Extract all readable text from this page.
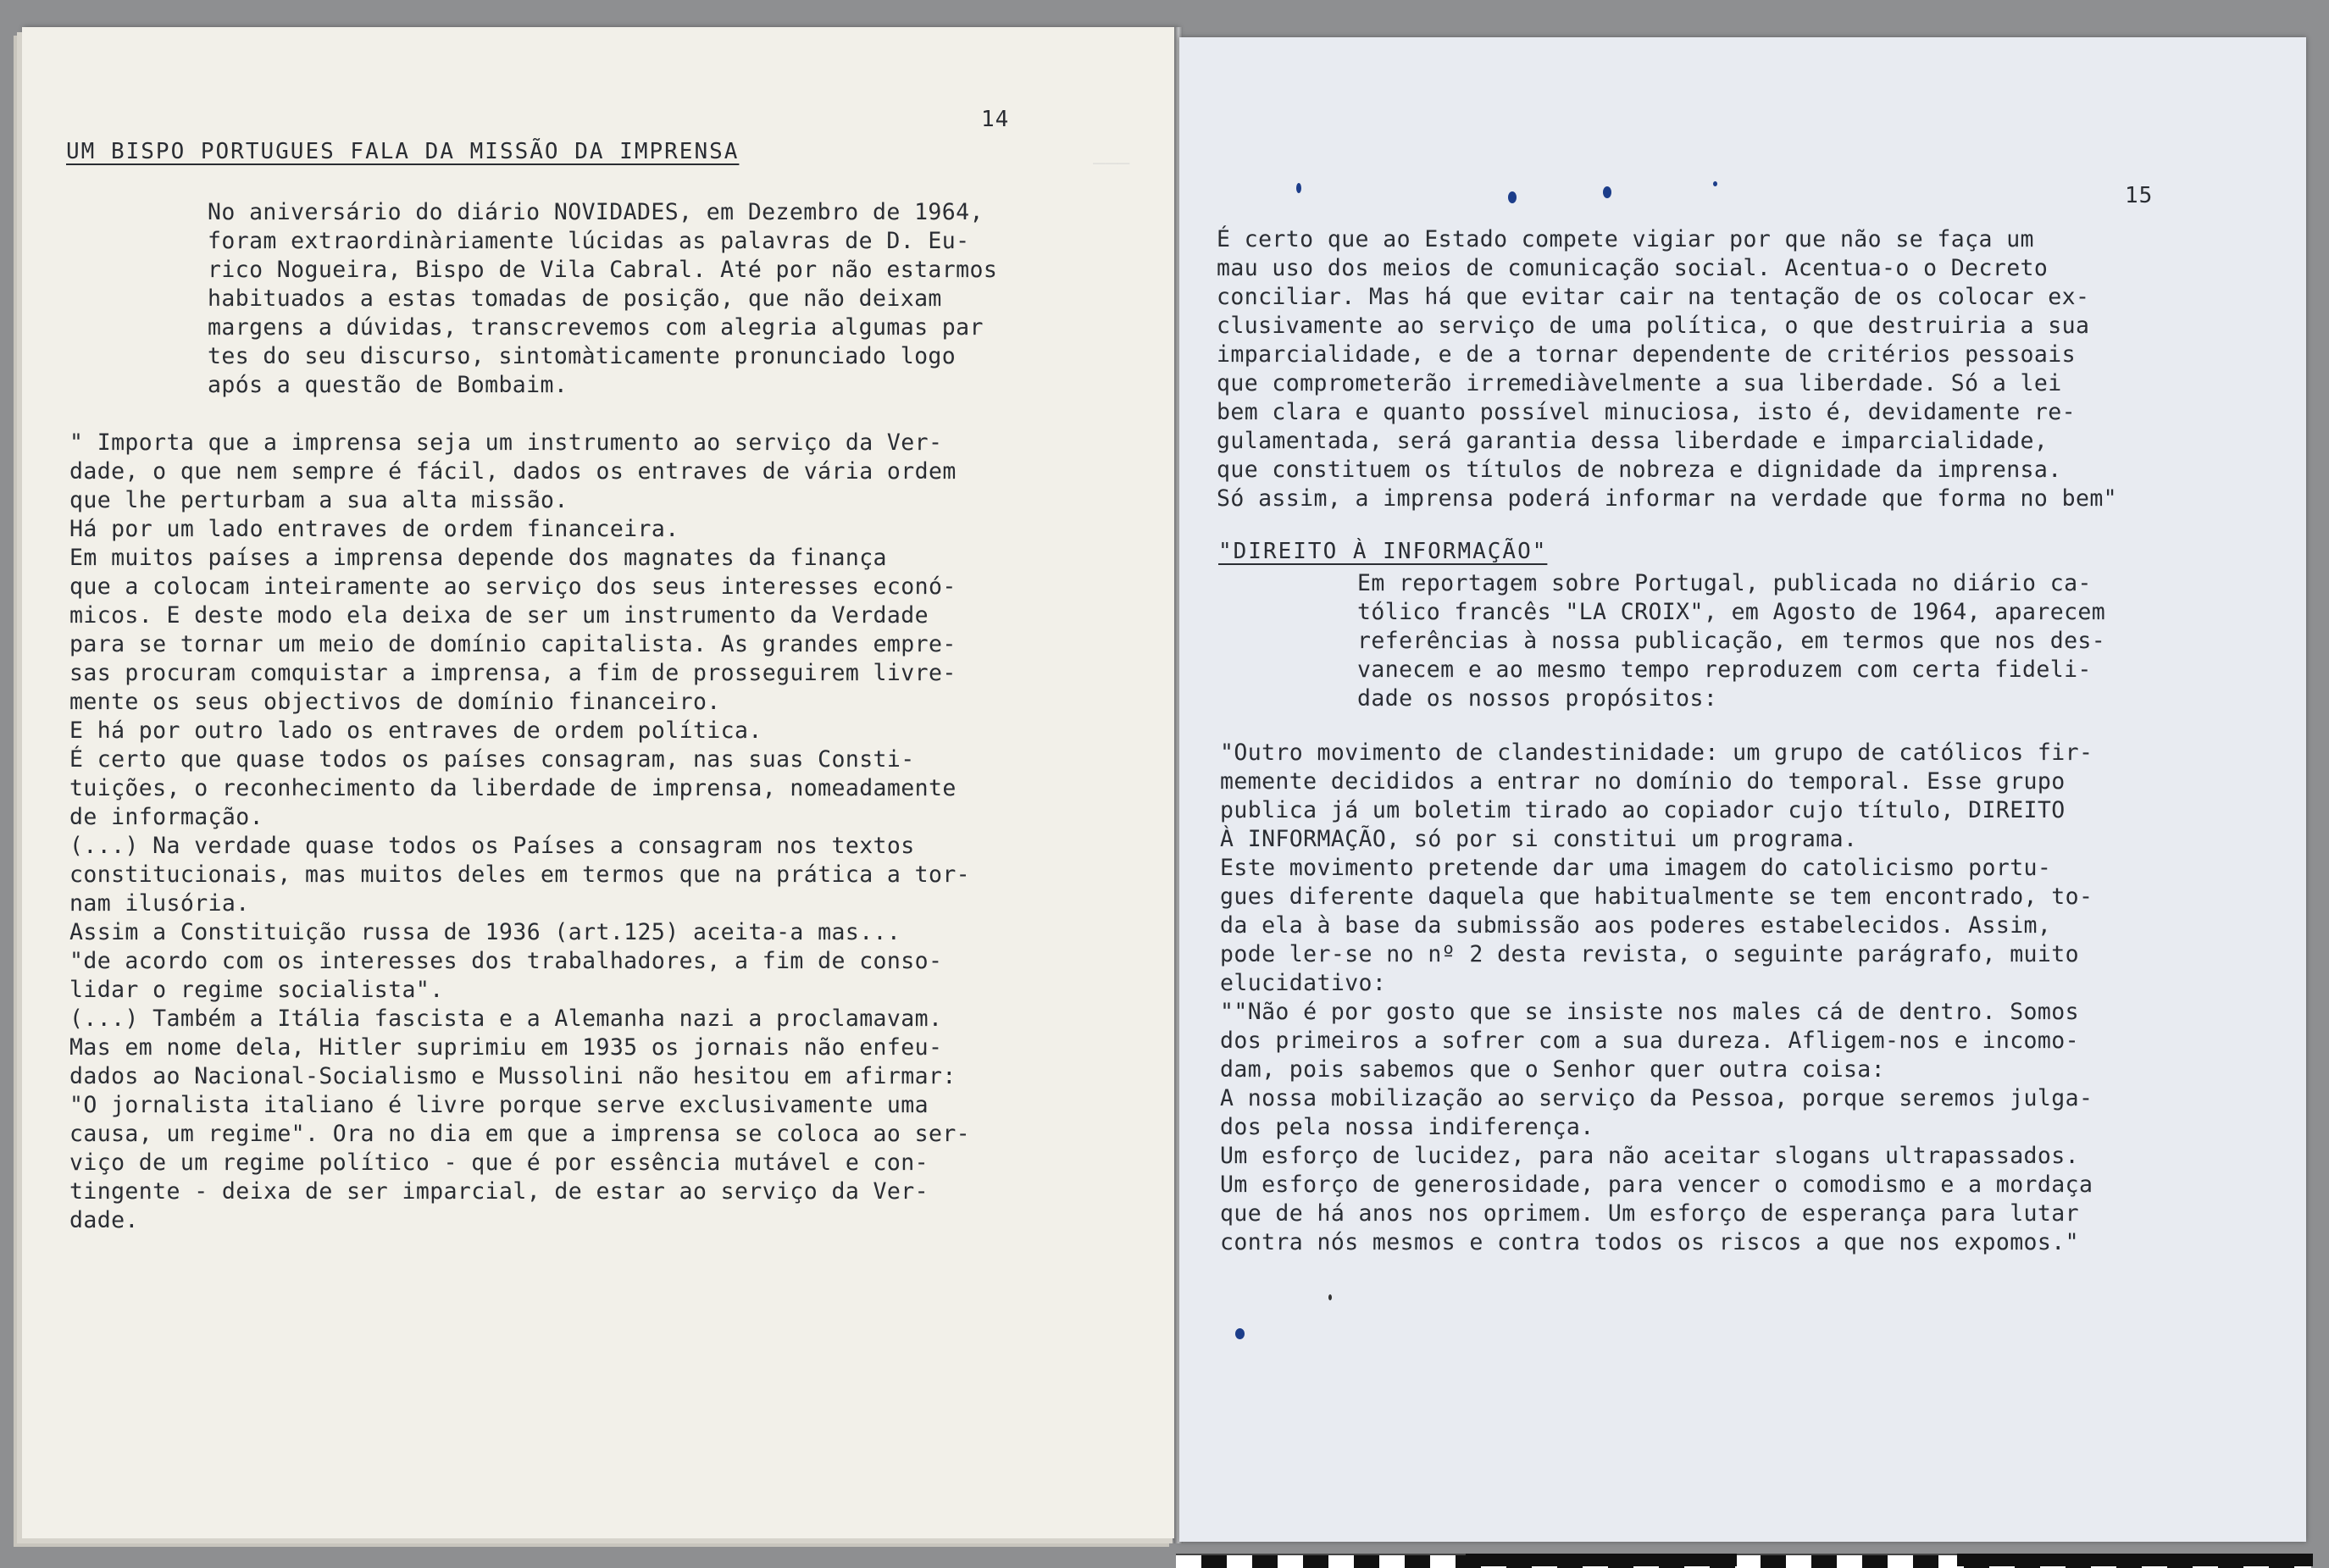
———
14
UM BISPO PORTUGUES FALA DA MISSÃO DA IMPRENSA
No aniversário do diário NOVIDADES, em Dezembro de 1964,
foram extraordinàriamente lúcidas as palavras de D. Eu-
rico Nogueira, Bispo de Vila Cabral. Até por não estarmos
habituados a estas tomadas de posição, que não deixam
margens a dúvidas, transcrevemos com alegria algumas par
tes do seu discurso, sintomàticamente pronunciado logo
após a questão de Bombaim.
" Importa que a imprensa seja um instrumento ao serviço da Ver-
dade, o que nem sempre é fácil, dados os entraves de vária ordem
que lhe perturbam a sua alta missão.
Há por um lado entraves de ordem financeira.
Em muitos países a imprensa depende dos magnates da finança
que a colocam inteiramente ao serviço dos seus interesses econó-
micos. E deste modo ela deixa de ser um instrumento da Verdade
para se tornar um meio de domínio capitalista. As grandes empre-
sas procuram comquistar a imprensa, a fim de prosseguirem livre-
mente os seus objectivos de domínio financeiro.
E há por outro lado os entraves de ordem política.
É certo que quase todos os países consagram, nas suas Consti-
tuições, o reconhecimento da liberdade de imprensa, nomeadamente
de informação.
(...) Na verdade quase todos os Países a consagram nos textos
constitucionais, mas muitos deles em termos que na prática a tor-
nam ilusória.
Assim a Constituição russa de 1936 (art.125) aceita-a mas...
"de acordo com os interesses dos trabalhadores, a fim de conso-
lidar o regime socialista".
(...) Também a Itália fascista e a Alemanha nazi a proclamavam.
Mas em nome dela, Hitler suprimiu em 1935 os jornais não enfeu-
dados ao Nacional-Socialismo e Mussolini não hesitou em afirmar:
"O jornalista italiano é livre porque serve exclusivamente uma
causa, um regime". Ora no dia em que a imprensa se coloca ao ser-
viço de um regime político - que é por essência mutável e con-
tingente - deixa de ser imparcial, de estar ao serviço da Ver-
dade.
15
É certo que ao Estado compete vigiar por que não se faça um
mau uso dos meios de comunicação social. Acentua-o o Decreto
conciliar. Mas há que evitar cair na tentação de os colocar ex-
clusivamente ao serviço de uma política, o que destruiria a sua
imparcialidade, e de a tornar dependente de critérios pessoais
que comprometerão irremediàvelmente a sua liberdade. Só a lei
bem clara e quanto possível minuciosa, isto é, devidamente re-
gulamentada, será garantia dessa liberdade e imparcialidade,
que constituem os títulos de nobreza e dignidade da imprensa.
Só assim, a imprensa poderá informar na verdade que forma no bem"
"DIREITO À INFORMAÇÃO"
Em reportagem sobre Portugal, publicada no diário ca-
tólico francês "LA CROIX", em Agosto de 1964, aparecem
referências à nossa publicação, em termos que nos des-
vanecem e ao mesmo tempo reproduzem com certa fideli-
dade os nossos propósitos:
"Outro movimento de clandestinidade: um grupo de católicos fir-
memente decididos a entrar no domínio do temporal. Esse grupo
publica já um boletim tirado ao copiador cujo título, DIREITO
À INFORMAÇÃO, só por si constitui um programa.
Este movimento pretende dar uma imagem do catolicismo portu-
gues diferente daquela que habitualmente se tem encontrado, to-
da ela à base da submissão aos poderes estabelecidos. Assim,
pode ler-se no nº 2 desta revista, o seguinte parágrafo, muito
elucidativo:
""Não é por gosto que se insiste nos males cá de dentro. Somos
dos primeiros a sofrer com a sua dureza. Afligem-nos e incomo-
dam, pois sabemos que o Senhor quer outra coisa:
A nossa mobilização ao serviço da Pessoa, porque seremos julga-
dos pela nossa indiferença.
Um esforço de lucidez, para não aceitar slogans ultrapassados.
Um esforço de generosidade, para vencer o comodismo e a mordaça
que de há anos nos oprimem. Um esforço de esperança para lutar
contra nós mesmos e contra todos os riscos a que nos expomos."
